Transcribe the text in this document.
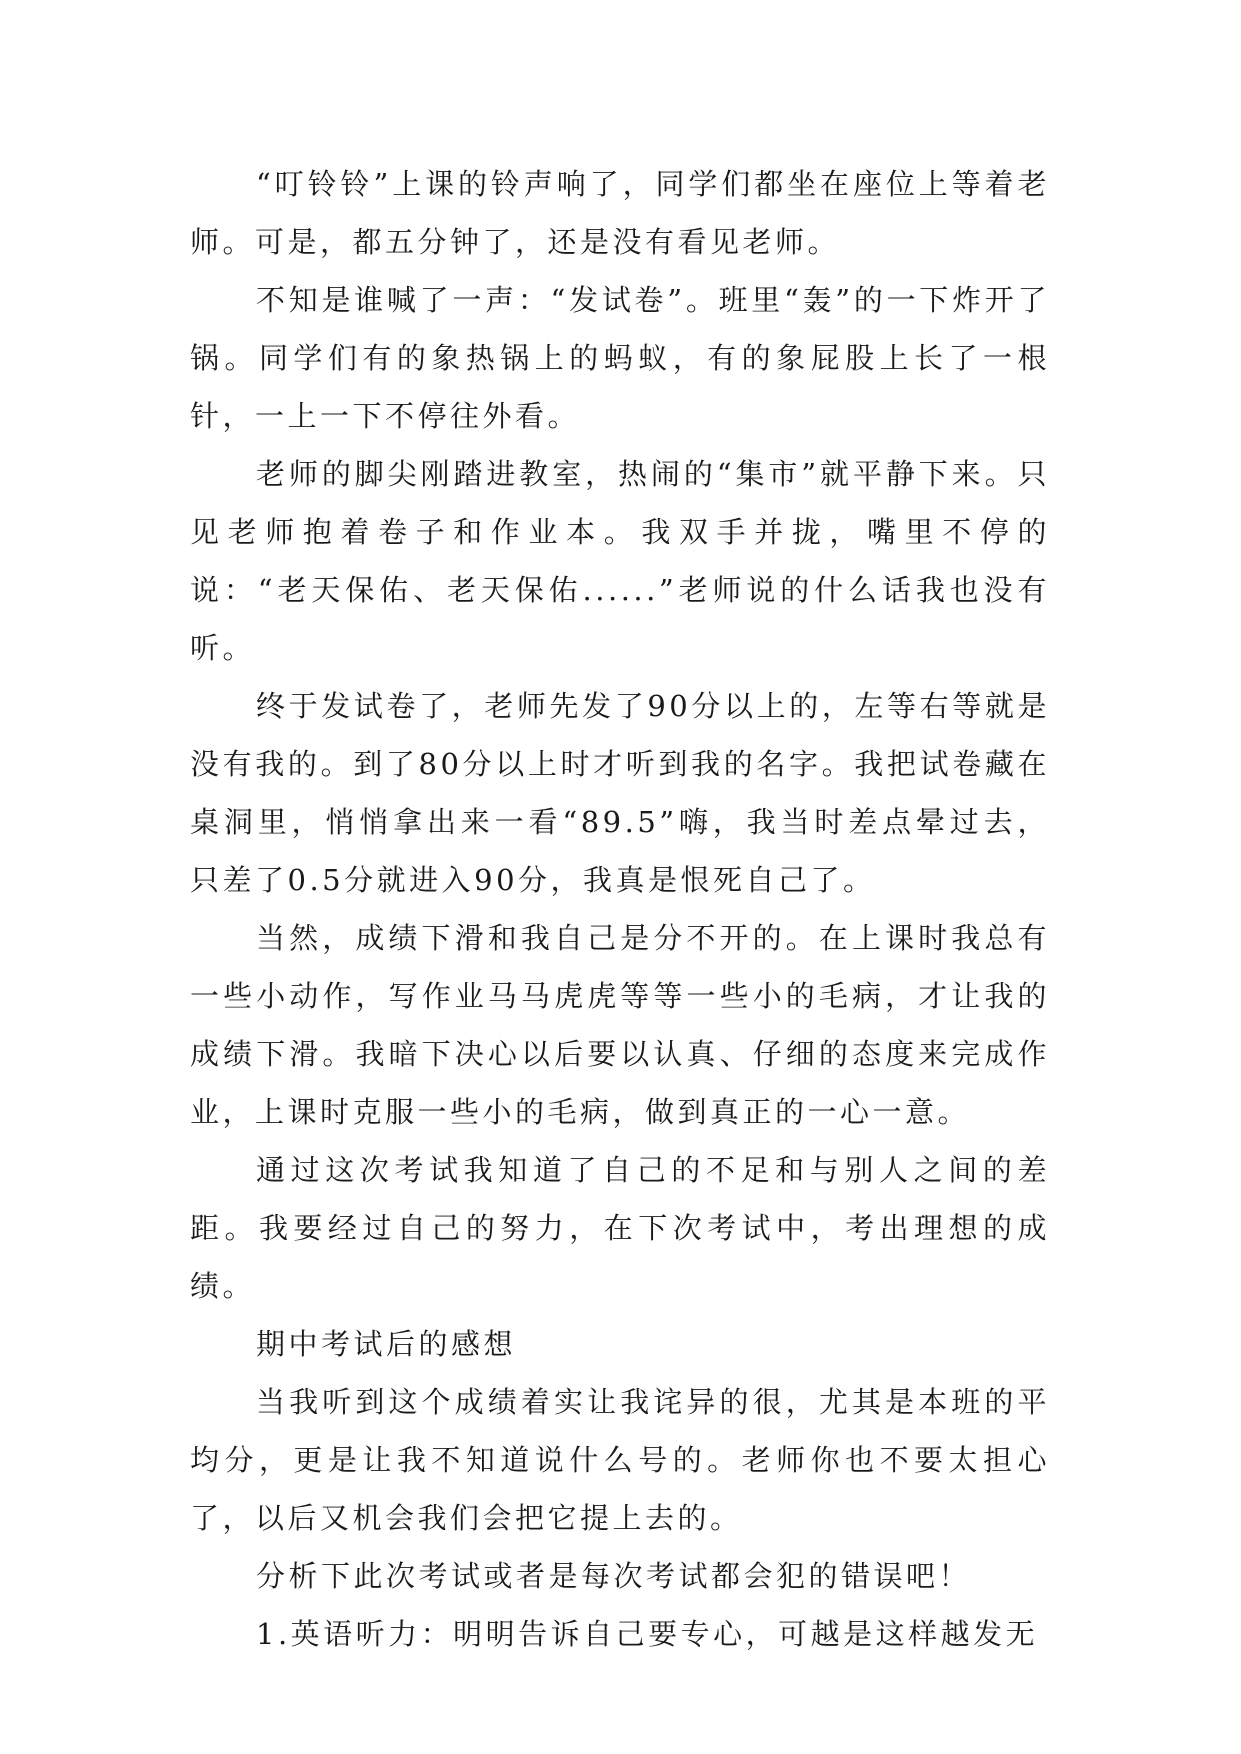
“叮铃铃”上课的铃声响了，同学们都坐在座位上等着老师。可是，都五分钟了，还是没有看见老师。

不知是谁喊了一声：“发试卷”。班里“轰”的一下炸开了锅。同学们有的象热锅上的蚂蚁，有的象屁股上长了一根针，一上一下不停往外看。

老师的脚尖刚踏进教室，热闹的“集市”就平静下来。只见老师抱着卷子和作业本。我双手并拢，嘴里不停的说：“老天保佑、老天保佑......”老师说的什么话我也没有听。

终于发试卷了，老师先发了90分以上的，左等右等就是没有我的。到了80分以上时才听到我的名字。我把试卷藏在桌洞里，悄悄拿出来一看“89.5”嗨，我当时差点晕过去，只差了0.5分就进入90分，我真是恨死自己了。

当然，成绩下滑和我自己是分不开的。在上课时我总有一些小动作，写作业马马虎虎等等一些小的毛病，才让我的成绩下滑。我暗下决心以后要以认真、仔细的态度来完成作业，上课时克服一些小的毛病，做到真正的一心一意。

通过这次考试我知道了自己的不足和与别人之间的差距。我要经过自己的努力，在下次考试中，考出理想的成绩。

期中考试后的感想

当我听到这个成绩着实让我诧异的很，尤其是本班的平均分，更是让我不知道说什么号的。老师你也不要太担心了，以后又机会我们会把它提上去的。

分析下此次考试或者是每次考试都会犯的错误吧！

1.英语听力：明明告诉自己要专心，可越是这样越发无
